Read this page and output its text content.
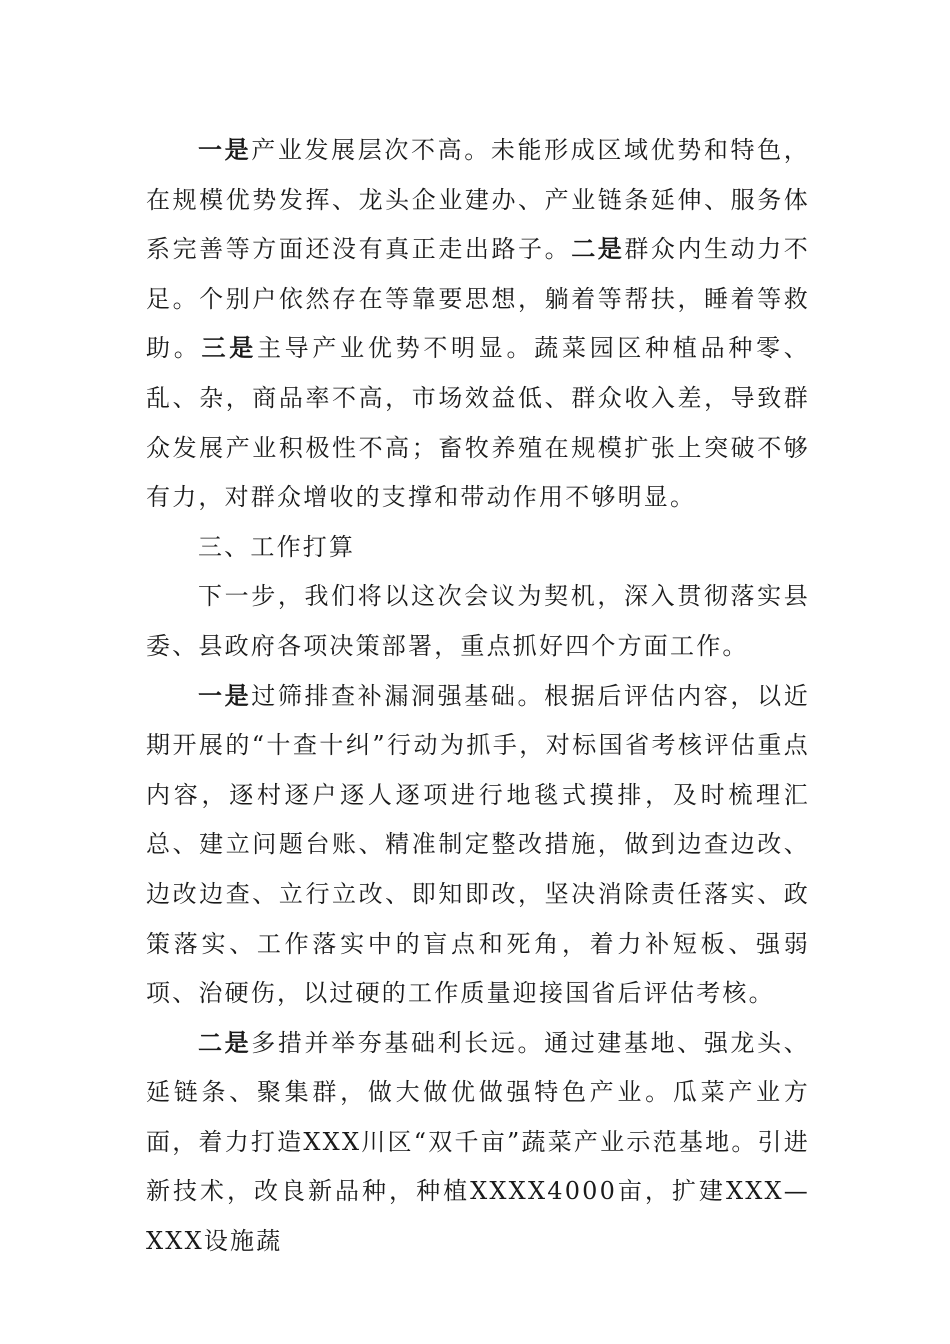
一是产业发展层次不高。未能形成区域优势和特色，在规模优势发挥、龙头企业建办、产业链条延伸、服务体系完善等方面还没有真正走出路子。二是群众内生动力不足。个别户依然存在等靠要思想，躺着等帮扶，睡着等救助。三是主导产业优势不明显。蔬菜园区种植品种零、乱、杂，商品率不高，市场效益低、群众收入差，导致群众发展产业积极性不高；畜牧养殖在规模扩张上突破不够有力，对群众增收的支撑和带动作用不够明显。

三、工作打算

下一步，我们将以这次会议为契机，深入贯彻落实县委、县政府各项决策部署，重点抓好四个方面工作。

一是过筛排查补漏洞强基础。根据后评估内容，以近期开展的“十查十纠”行动为抓手，对标国省考核评估重点内容，逐村逐户逐人逐项进行地毯式摸排，及时梳理汇总、建立问题台账、精准制定整改措施，做到边查边改、边改边查、立行立改、即知即改，坚决消除责任落实、政策落实、工作落实中的盲点和死角，着力补短板、强弱项、治硬伤，以过硬的工作质量迎接国省后评估考核。

二是多措并举夯基础利长远。通过建基地、强龙头、延链条、聚集群，做大做优做强特色产业。瓜菜产业方面，着力打造XXX川区“双千亩”蔬菜产业示范基地。引进新技术，改良新品种，种植XXXX4000亩，扩建XXX—XXX设施蔬
